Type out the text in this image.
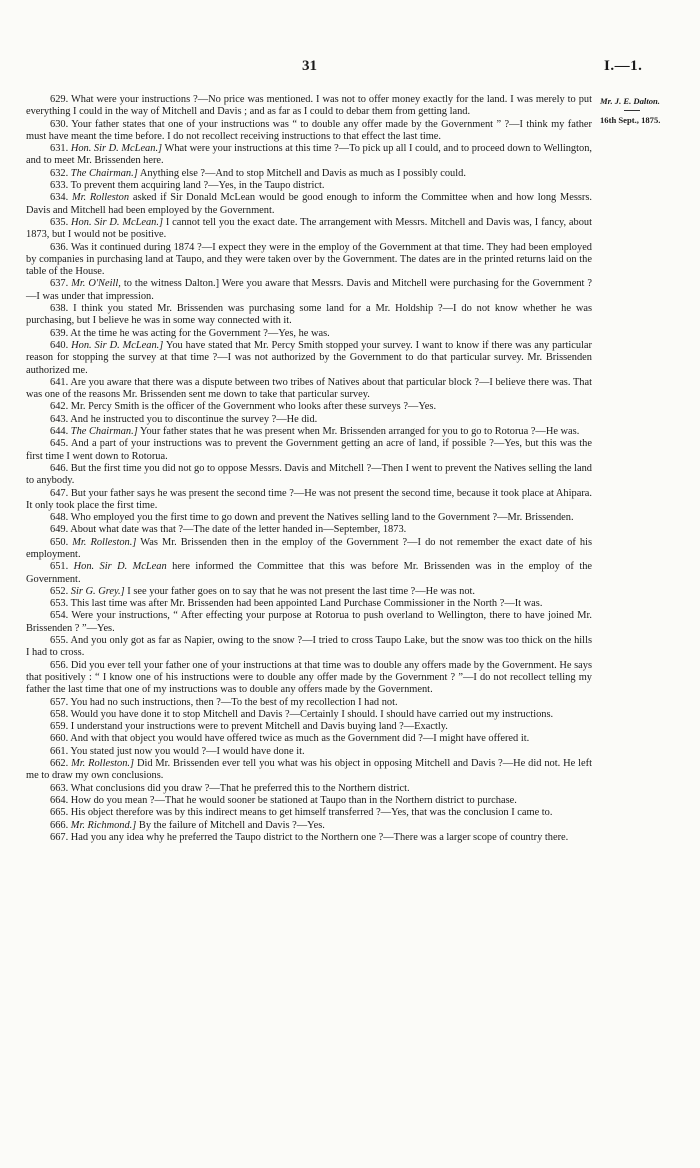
31	I.—1.
Mr. J. E. Dalton.
16th Sept., 1875.

629. What were your instructions ?—No price was mentioned. I was not to offer money exactly for the land. I was merely to put everything I could in the way of Mitchell and Davis ; and as far as I could to debar them from getting land.

630. Your father states that one of your instructions was “ to double any offer made by the Government ” ?—I think my father must have meant the time before. I do not recollect receiving instructions to that effect the last time.

631. Hon. Sir D. McLean.] What were your instructions at this time ?—To pick up all I could, and to proceed down to Wellington, and to meet Mr. Brissenden here.

632. The Chairman.] Anything else ?—And to stop Mitchell and Davis as much as I possibly could.

633. To prevent them acquiring land ?—Yes, in the Taupo district.

634. Mr. Rolleston asked if Sir Donald McLean would be good enough to inform the Committee when and how long Messrs. Davis and Mitchell had been employed by the Government.

635. Hon. Sir D. McLean.] I cannot tell you the exact date. The arrangement with Messrs. Mitchell and Davis was, I fancy, about 1873, but I would not be positive.

636. Was it continued during 1874 ?—I expect they were in the employ of the Government at that time. They had been employed by companies in purchasing land at Taupo, and they were taken over by the Government. The dates are in the printed returns laid on the table of the House.

637. Mr. O'Neill, to the witness Dalton.] Were you aware that Messrs. Davis and Mitchell were purchasing for the Government ?—I was under that impression.

638. I think you stated Mr. Brissenden was purchasing some land for a Mr. Holdship ?—I do not know whether he was purchasing, but I believe he was in some way connected with it.

639. At the time he was acting for the Government ?—Yes, he was.

640. Hon. Sir D. McLean.] You have stated that Mr. Percy Smith stopped your survey. I want to know if there was any particular reason for stopping the survey at that time ?—I was not authorized by the Government to do that particular survey. Mr. Brissenden authorized me.

641. Are you aware that there was a dispute between two tribes of Natives about that particular block ?—I believe there was. That was one of the reasons Mr. Brissenden sent me down to take that particular survey.

642. Mr. Percy Smith is the officer of the Government who looks after these surveys ?—Yes.

643. And he instructed you to discontinue the survey ?—He did.

644. The Chairman.] Your father states that he was present when Mr. Brissenden arranged for you to go to Rotorua ?—He was.

645. And a part of your instructions was to prevent the Government getting an acre of land, if possible ?—Yes, but this was the first time I went down to Rotorua.

646. But the first time you did not go to oppose Messrs. Davis and Mitchell ?—Then I went to prevent the Natives selling the land to anybody.

647. But your father says he was present the second time ?—He was not present the second time, because it took place at Ahipara. It only took place the first time.

648. Who employed you the first time to go down and prevent the Natives selling land to the Government ?—Mr. Brissenden.

649. About what date was that ?—The date of the letter handed in—September, 1873.

650. Mr. Rolleston.] Was Mr. Brissenden then in the employ of the Government ?—I do not remember the exact date of his employment.

651. Hon. Sir D. McLean here informed the Committee that this was before Mr. Brissenden was in the employ of the Government.

652. Sir G. Grey.] I see your father goes on to say that he was not present the last time ?—He was not.

653. This last time was after Mr. Brissenden had been appointed Land Purchase Commissioner in the North ?—It was.

654. Were your instructions, “ After effecting your purpose at Rotorua to push overland to Wellington, there to have joined Mr. Brissenden ? ”—Yes.

655. And you only got as far as Napier, owing to the snow ?—I tried to cross Taupo Lake, but the snow was too thick on the hills I had to cross.

656. Did you ever tell your father one of your instructions at that time was to double any offers made by the Government. He says that positively : “ I know one of his instructions were to double any offer made by the Government ? ”—I do not recollect telling my father the last time that one of my instructions was to double any offers made by the Government.

657. You had no such instructions, then ?—To the best of my recollection I had not.

658. Would you have done it to stop Mitchell and Davis ?—Certainly I should. I should have carried out my instructions.

659. I understand your instructions were to prevent Mitchell and Davis buying land ?—Exactly.

660. And with that object you would have offered twice as much as the Government did ?—I might have offered it.

661. You stated just now you would ?—I would have done it.

662. Mr. Rolleston.] Did Mr. Brissenden ever tell you what was his object in opposing Mitchell and Davis ?—He did not. He left me to draw my own conclusions.

663. What conclusions did you draw ?—That he preferred this to the Northern district.

664. How do you mean ?—That he would sooner be stationed at Taupo than in the Northern district to purchase.

665. His object therefore was by this indirect means to get himself transferred ?—Yes, that was the conclusion I came to.

666. Mr. Richmond.] By the failure of Mitchell and Davis ?—Yes.

667. Had you any idea why he preferred the Taupo district to the Northern one ?—There was a larger scope of country there.
